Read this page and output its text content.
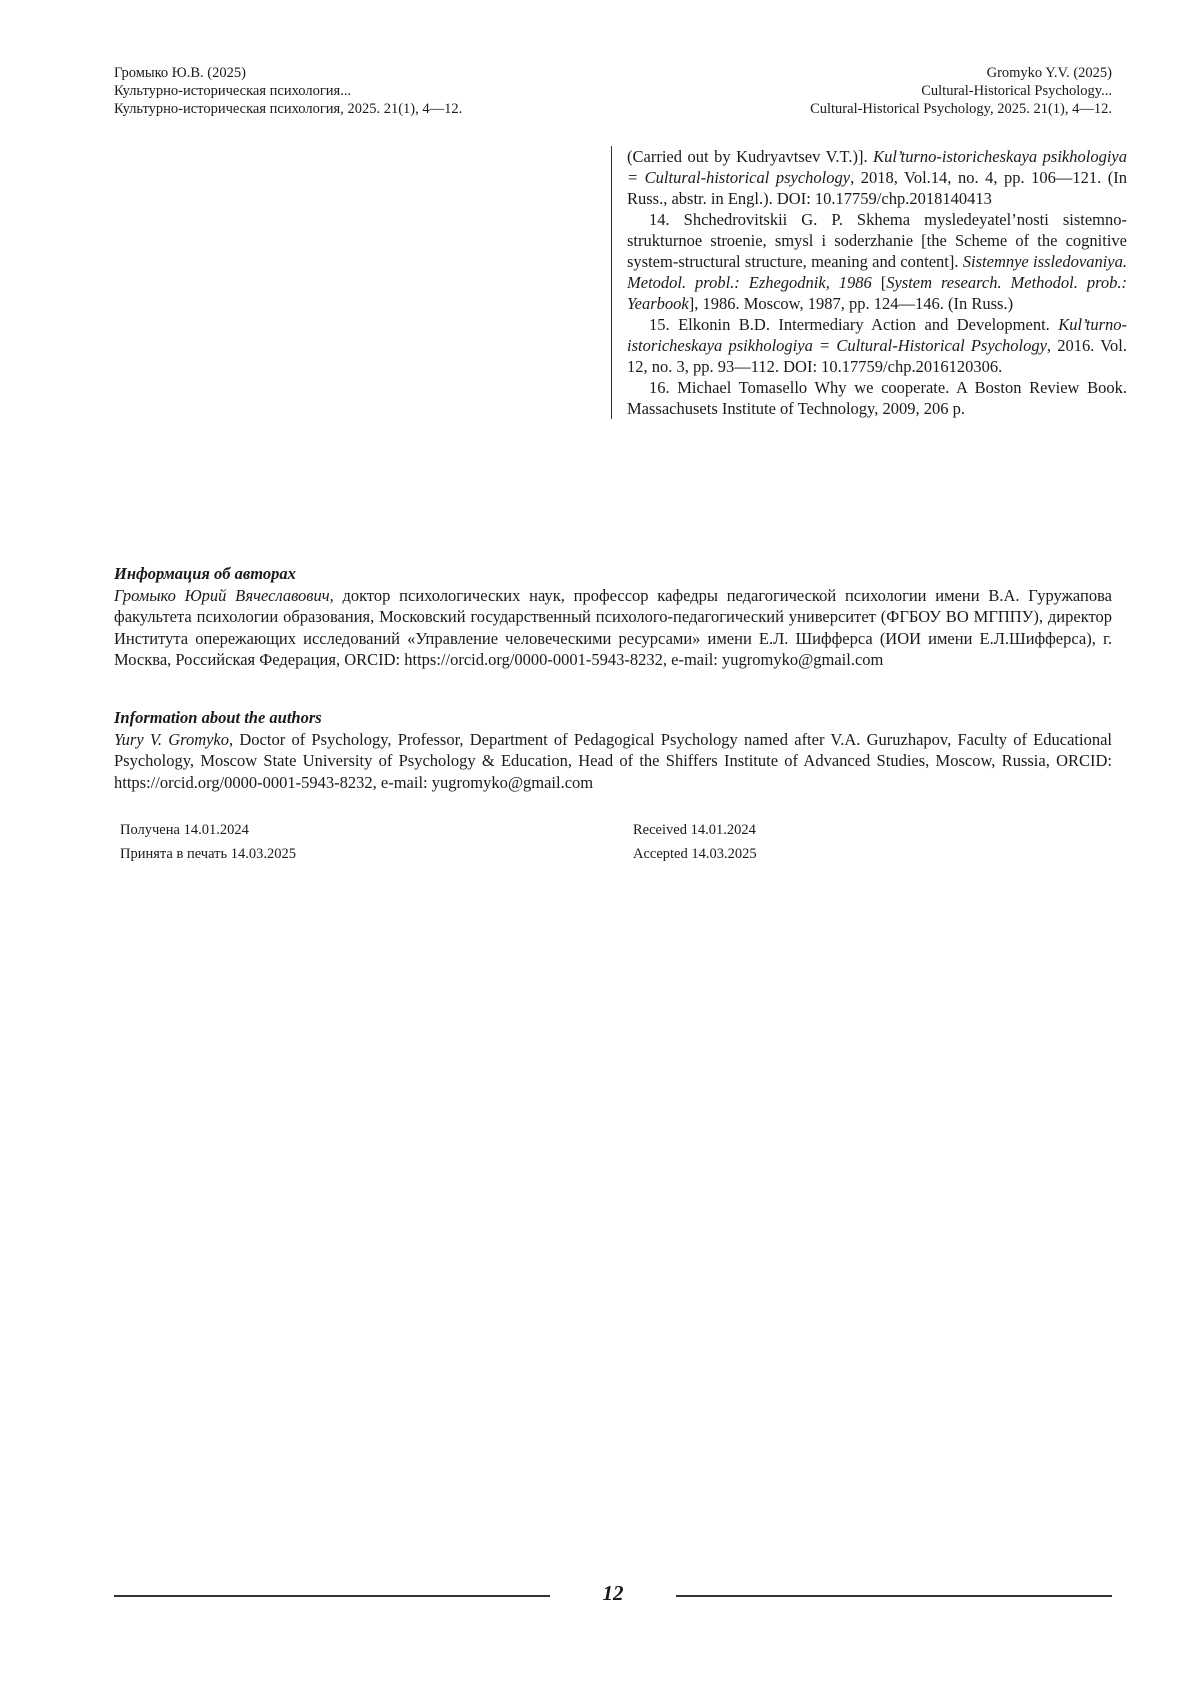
Громыко Ю.В. (2025)
Культурно-историческая психология...
Культурно-историческая психология, 2025. 21(1), 4—12.
Gromyko Y.V. (2025)
Cultural-Historical Psychology...
Cultural-Historical Psychology, 2025. 21(1), 4—12.

(Carried out by Kudryavtsev V.T.)]. Kul’turno-istoricheskaya psikhologiya = Cultural-historical psychology, 2018, Vol.14, no. 4, pp. 106—121. (In Russ., abstr. in Engl.). DOI: 10.17759/chp.2018140413

14. Shchedrovitskii G. P. Skhema mysledeyatel’nosti sistemno-strukturnoe stroenie, smysl i soderzhanie [the Scheme of the cognitive system-structural structure, meaning and content]. Sistemnye issledovaniya. Metodol. probl.: Ezhegodnik, 1986 [System research. Methodol. prob.: Yearbook], 1986. Moscow, 1987, pp. 124—146. (In Russ.)

15. Elkonin B.D. Intermediary Action and Development. Kul’turno-istoricheskaya psikhologiya = Cultural-Historical Psychology, 2016. Vol. 12, no. 3, pp. 93—112. DOI: 10.17759/chp.2016120306.

16. Michael Tomasello Why we cooperate. A Boston Review Book. Massachusets Institute of Technology, 2009, 206 p.

Информация об авторах

Громыко Юрий Вячеславович, доктор психологических наук, профессор кафедры педагогической психологии имени В.А. Гуружапова факультета психологии образования, Московский государственный психолого-педагогический университет (ФГБОУ ВО МГППУ), директор Института опережающих исследований «Управление человеческими ресурсами» имени Е.Л. Шифферса (ИОИ имени Е.Л.Шифферса), г. Москва, Российская Федерация, ORCID: https://orcid.org/0000-0001-5943-8232, e-mail: yugromyko@gmail.com

Information about the authors

Yury V. Gromyko, Doctor of Psychology, Professor, Department of Pedagogical Psychology named after V.A. Guruzhapov, Faculty of Educational Psychology, Moscow State University of Psychology & Education, Head of the Shiffers Institute of Advanced Studies, Moscow, Russia, ORCID: https://orcid.org/0000-0001-5943-8232, e-mail: yugromyko@gmail.com

Получена 14.01.2024
Принята в печать 14.03.2025
Received 14.01.2024
Accepted 14.03.2025
12
